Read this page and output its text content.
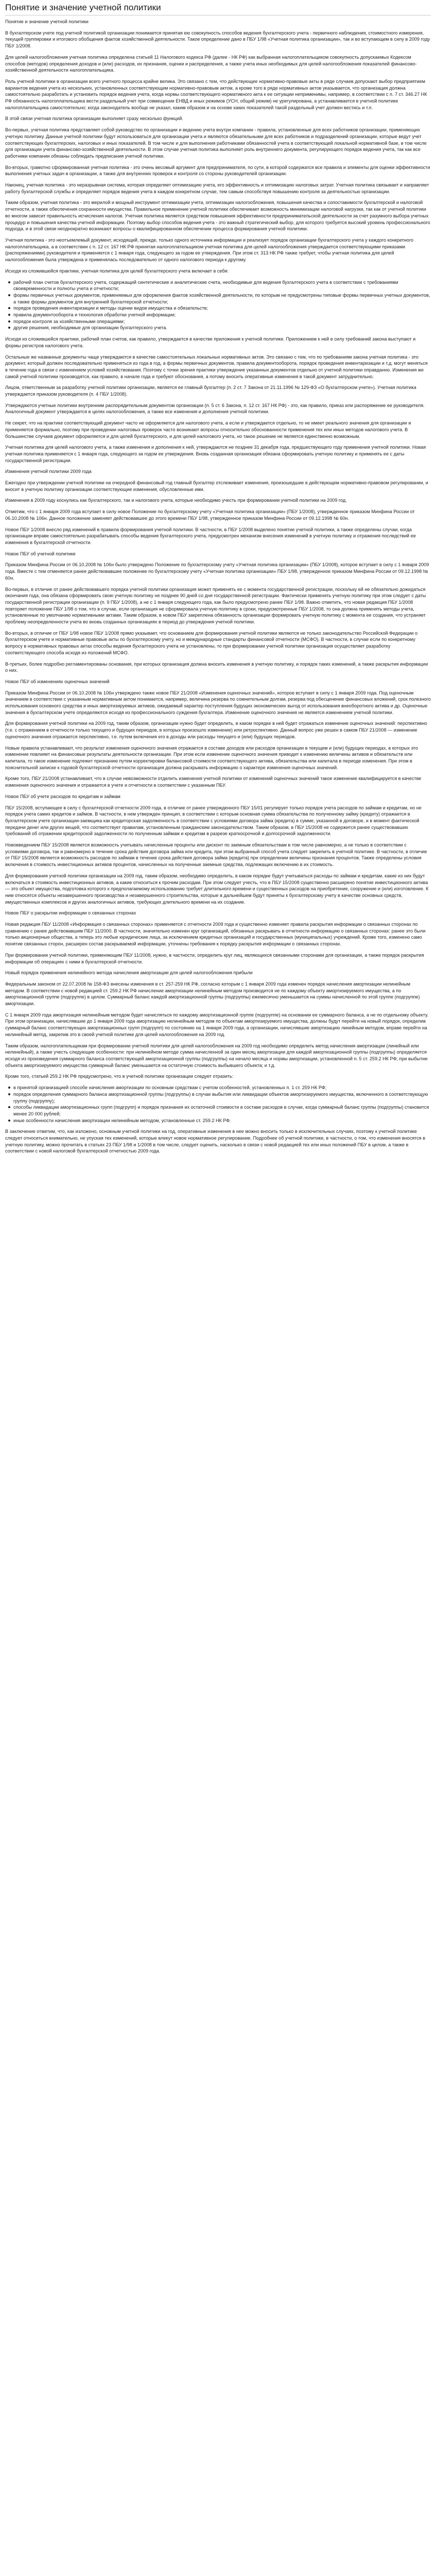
Понятие и значение учетной политики

Понятие и значение учетной политики

В бухгалтерском учете под учетной политикой организации понимается принятая ею совокупность способов ведения бухгалтерского учета - первичного наблюдения, стоимостного измерения, текущей группировки и итогового обобщения фактов хозяйственной деятельности. Такое определение дано в ПБУ 1/98 «Учетная политика организации», так и во вступающем в силу в 2009 году ПБУ 1/2008.

Для целей налогообложения учетная политика определена статьей 11 Налогового кодекса РФ (далее - НК РФ) как выбранная налогоплательщиком совокупность допускаемых Кодексом способов (методов) определения доходов и (или) расходов, их признания, оценки и распределения, а также учета иных необходимых для целей налогообложения показателей финансово-хозяйственной деятельности налогоплательщика.

Роль учетной политики в организации всего учетного процесса крайне велика. Это связано с тем, что действующее нормативно-правовые акты в ряде случаев допускают выбор предприятием вариантов ведения учета из нескольких, установленных соответствующим нормативно-правовым актом, а кроме того в ряде нормативных актов указывается, что организация должна самостоятельно разработать и установить порядок ведения учета, когда нормы соответствующего нормативного акта к ее ситуации неприменимы, например, в соответствии с п. 7 ст. 346.27 НК РФ обязанность налогоплательщика вести раздельный учет при совмещении ЕНВД и иных режимов (УСН, общий режим) не урегулирована, а устанавливается в учетной политике налогоплательщика самостоятельно; когда законодатель вообще не указал, каким образом и на основе каких показателей такой раздельный учет должен вестись и т.п.

В этой связи учетная политика организации выполняет сразу несколько функций.

Во-первых, учетная политика представляет собой руководство по организации и ведению учета внутри компании - правила, установленные для всех работников организации, применяющих учетную политику. Данные учетной политики будут использоваться для организации учета и являются обязательными для всех работников и подразделений организации, которые ведут учет соответствующих бухгалтерских, налоговых и иных показателей. В том числе и для выполнения работниками обязанностей учета в соответствующей локальной нормативной базе, в том числе для организации учета финансово-хозяйственной деятельности. В этом случае учетная политика выполняет роль внутреннего документа, регулирующего порядок ведения учета, так как все работники компании обязаны соблюдать предписания учетной политики.

Во-вторых, грамотно сформированная учетная политика - это очень весомый аргумент для предпринимателя, по сути, в которой содержатся все правила и элементы для оценки эффективности выполнения учетных задач в организации, а также для внутренних проверок и контроля со стороны руководителей организации.

Наконец, учетная политика - это неразрывная система, которая определяет оптимизацию учета, его эффективность и оптимизацию налоговых затрат. Учетная политика связывает и направляет работу бухгалтерской службы и определяет порядок ведения учета в каждом конкретном случае, тем самым способствуя повышению контроля за деятельностью организации.

Таким образом, учетная политика - это мерилой и мощный инструмент оптимизации учета, оптимизации налогообложения, повышения качества и сопоставимости бухгалтерской и налоговой отчетности, а также обеспечения сохранности имущества. Правильное применение учетной политики обеспечивает возможность минимизации налоговой нагрузки, так как от учетной политики во многом зависит правильность исчисления налогов. Учетная политика является средством повышения эффективности предпринимательской деятельности за счет разумного выбора учетных процедур и повышения качества учетной информации. Поэтому выбор способов ведения учета - это важный стратегический выбор, для которого требуется высокий уровень профессионального подхода, и в этой связи неоднократно возникают вопросы о квалифицированном обеспечении процесса формирования учетной политики.

Учетная политика - это неотъемлемый документ, исходящий, прежде, только одного источника информации и реализует порядок организации бухгалтерского учета у каждого конкретного налогоплательщика, а в соответствии с п. 12 ст. 167 НК РФ принятая налогоплательщиком учетная политика для целей налогообложения утверждается соответствующими приказами (распоряжениями) руководителя и применяется с 1 января года, следующего за годом ее утверждения. При этом ст. 313 НК РФ также требует, чтобы учетная политика для целей налогообложения была утверждена и применялась последовательно от одного налогового периода к другому.

Исходя из сложившейся практики, учетная политика для целей бухгалтерского учета включает в себя:

рабочий план счетов бухгалтерского учета, содержащий синтетические и аналитические счета, необходимые для ведения бухгалтерского учета в соответствии с требованиями своевременности и полноты учета и отчетности;
формы первичных учетных документов, применяемых для оформления фактов хозяйственной деятельности, по которым не предусмотрены типовые формы первичных учетных документов, а также формы документов для внутренней бухгалтерской отчетности;
порядок проведения инвентаризации и методы оценки видов имущества и обязательств;
правила документооборота и технология обработки учетной информации;
порядок контроля за хозяйственными операциями;
другие решения, необходимые для организации бухгалтерского учета.

Исходя из сложившейся практики, рабочий план счетов, как правило, утверждается в качестве приложения к учетной политике. Приложением к ней в силу требований закона выступают и формы регистров налогового учета.

Остальные же названные документы чаще утверждаются в качестве самостоятельных локальных нормативных актов. Это связано с тем, что по требованиям закона учетная политика - это документ, который должен последовательно применяться из года в год, а формы первичных документов, правила документооборота, порядок проведения инвентаризации и т.д. могут меняться в течение года в связи с изменением условий хозяйствования. Поэтому с точки зрения практики утверждение указанных документов отдельно от учетной политики оправданно. Изменения же самой учетной политики производятся, как правило, в начале года и требуют обоснования, а потому вносить оперативные изменения в такой документ затруднительно.

Лицом, ответственным за разработку учетной политики организации, является ее главный бухгалтер (п. 2 ст. 7 Закона от 21.11.1996 № 129-ФЗ «О бухгалтерском учете»). Учетная политика утверждается приказом руководителя (п. 4 ПБУ 1/2008).

Утверждаются учетные политики внутренним распорядительным документом организации (п. 5 ст. 6 Закона, п. 12 ст. 167 НК РФ) - это, как правило, приказ или распоряжение ее руководителя. Аналогичный документ утверждается в целях налогообложения, а также все изменения и дополнения учетной политики.

Не секрет, что на практике соответствующий документ часто не оформляется для налогового учета, а если и утверждается отдельно, то не имеет реального значения для организации и применяется формально, поэтому при проведении налоговых проверок часто возникают вопросы относительно обоснованности применения тех или иных методов налогового учета. В большинстве случаев документ оформляется и для целей бухгалтерского, и для целей налогового учета, но такое решение не является единственно возможным.

Учетная политика для целей налогового учета, а также изменения и дополнения к ней, утверждаются не позднее 31 декабря года, предшествующего году применения учетной политики. Новая учетная политика применяется с 1 января года, следующего за годом ее утверждения. Вновь созданная организация обязана сформировать учетную политику и применять ее с даты государственной регистрации.

Изменения учетной политики 2009 года

Ежегодно при утверждении учетной политики на очередной финансовый год главный бухгалтер отслеживает изменения, произошедшие в действующем нормативно-правовом регулировании, и вносит в учетную политику организации соответствующие изменения, обусловленные ими.

Изменения в 2009 году коснулись как бухгалтерского, так и налогового учета, которые необходимо учесть при формировании учетной политики на 2009 год.

Отметим, что с 1 января 2009 года вступает в силу новое Положение по бухгалтерскому учету «Учетная политика организации» (ПБУ 1/2008), утвержденное приказом Минфина России от 06.10.2008 № 106н. Данное положение заменяет действовавшее до этого времени ПБУ 1/98, утвержденное приказом Минфина России от 09.12.1998 № 60н.

Новое ПБУ 1/2008 внесло ряд изменений в правила формирования учетной политики. В частности, в ПБУ 1/2008 выделено понятие учетной политики, а также определены случаи, когда организации вправе самостоятельно разрабатывать способы ведения бухгалтерского учета, предусмотрен механизм внесения изменений в учетную политику и отражения последствий ее изменения в бухгалтерской отчетности.

Новое ПБУ об учетной политике

Приказом Минфина России от 06.10.2008 № 106н было утверждено Положение по бухгалтерскому учету «Учетная политика организации» (ПБУ 1/2008), которое вступает в силу с 1 января 2009 года. Вместе с тем отменяется ранее действовавшее положение по бухгалтерскому учету «Учетная политика организации» ПБУ 1/98, утвержденное приказом Минфина России от 09.12.1998 № 60н.

Во-первых, в отличие от ранее действовавшего порядка учетной политики организация может применять ее с момента государственной регистрации, поскольку ей не обязательно дожидаться окончания года, она обязана сформировать свою учетную политику не позднее 90 дней со дня государственной регистрации. Фактически применять учетную политику при этом следует с даты государственной регистрации организации (п. 9 ПБУ 1/2008), а не с 1 января следующего года, как было предусмотрено ранее ПБУ 1/98. Важно отметить, что новая редакция ПБУ 1/2008 повторяет положение ПБУ 1/98 о том, что в случае, если организация не сформировала учетную политику в сроки, предусмотренные ПБУ 1/2008, то она должна применять методы учета, установленные по умолчанию нормативными актами. Таким образом, в новом ПБУ закреплена обязанность организации формировать учетную политику с момента ее создания, что устраняет проблему неопределенности учета во вновь созданных организациях в период до утверждения учетной политики.

Во-вторых, в отличие от ПБУ 1/98 новое ПБУ 1/2008 прямо указывает, что основанием для формирования учетной политики являются не только законодательство Российской Федерации о бухгалтерском учете и нормативные правовые акты по бухгалтерскому учету, но и международные стандарты финансовой отчетности (МСФО). В частности, в случае если по конкретному вопросу в нормативных правовых актах способы ведения бухгалтерского учета не установлены, то при формировании учетной политики организация осуществляет разработку соответствующего способа исходя из положений МСФО.

В-третьих, более подробно регламентированы основания, при которых организация должна вносить изменения в учетную политику, и порядок таких изменений, а также раскрытия информации о них.

Новое ПБУ об изменениях оценочных значений

Приказом Минфина России от 06.10.2008 № 106н утверждено также новое ПБУ 21/2008 «Изменения оценочных значений», которое вступает в силу с 1 января 2009 года. Под оценочным значением в соответствии с указанным нормативным актом понимается, например, величина резерва по сомнительным долгам, резерва под обесценение финансовых вложений, срок полезного использования основного средства и иных амортизируемых активов, ожидаемый характер поступления будущих экономических выгод от использования внеоборотного актива и др. Оценочные значения в бухгалтерском учете определяются исходя из профессионального суждения бухгалтера. Изменение оценочного значения не является изменением учетной политики.

Для формирования учетной политики на 2009 год, таким образом, организации нужно будет определить, в каком порядке в ней будет отражаться изменение оценочных значений: перспективно (т.е. с отражением в отчетности только текущего и будущих периодов, в которых произошло изменение) или ретроспективно. Данный вопрос уже решен в самом ПБУ 21/2008 — изменение оценочного значения отражается перспективно, т.е. путем включения его в доходы или расходы текущего и (или) будущих периодов.

Новые правила устанавливают, что результат изменения оценочного значения отражается в составе доходов или расходов организации в текущем и (или) будущих периодах, в которых это изменение повлияет на финансовые результаты деятельности организации. При этом если изменение оценочного значения приводит к изменению величины активов и обязательств или капитала, то такое изменение подлежит признанию путем корректировки балансовой стоимости соответствующего актива, обязательства или капитала в периоде изменения. При этом в пояснительной записке к годовой бухгалтерской отчетности организация должна раскрывать информацию о характере изменения оценочных значений.

Кроме того, ПБУ 21/2008 устанавливает, что в случае невозможности отделить изменения учетной политики от изменений оценочных значений такое изменение квалифицируется в качестве изменения оценочного значения и отражается в учете и отчетности в соответствии с указанным ПБУ.

Новое ПБУ об учете расходов по кредитам и займам

ПБУ 15/2008, вступающее в силу с бухгалтерской отчетности 2009 года, в отличие от ранее утвержденного ПБУ 15/01 регулирует только порядок учета расходов по займам и кредитам, но не порядок учета самих кредитов и займов. В частности, в нем утвержден принцип, в соответствии с которым основная сумма обязательства по полученному займу (кредиту) отражается в бухгалтерском учете организации-заемщика как кредиторская задолженность в соответствии с условиями договора займа (кредита) в сумме, указанной в договоре, и в момент фактической передачи денег или других вещей, что соответствует правилам, установленным гражданским законодательством. Таким образом, в ПБУ 15/2008 не содержится ранее существовавших требований об отражении кредиторской задолженности по полученным займам и кредитам в разрезе краткосрочной и долгосрочной задолженности.

Нововведением ПБУ 15/2008 является возможность учитывать начисленные проценты или дисконт по заемным обязательствам в том числе равномерно, а не только в соответствии с условиями договора, так и равномерно в течение срока действия договора займа или кредита, при этом выбранный способ учета следует закрепить в учетной политике. В частности, в отличие от ПБУ 15/2008 является возможность расходов по займам в течение срока действия договора займа (кредита) при определении величины признания процентов. Также определены условия включения в стоимость инвестиционных активов процентов, начисленных на полученные заемные средства, подлежащих включению в их стоимость.

Для формирования учетной политики организации на 2009 год, таким образом, необходимо определить, в каком порядке будут учитываться расходы по займам и кредитам, какие из них будут включаться в стоимость инвестиционных активов, а какие относиться к прочим расходам. При этом следует учесть, что в ПБУ 15/2008 существенно расширено понятие инвестиционного актива — это объект имущества, подготовка которого к предполагаемому использованию требует длительного времени и существенных расходов на приобретение, сооружение и (или) изготовление. К ним относятся объекты незавершенного производства и незавершенного строительства, которые в дальнейшем будут приняты к бухгалтерскому учету в качестве основных средств, имущественных комплексов и других аналогичных активов, требующих длительного времени на их создание.

Новое ПБУ о раскрытии информации о связанных сторонах

Новая редакция ПБУ 11/2008 «Информация о связанных сторонах» применяется с отчетности 2009 года и существенно изменяет правила раскрытия информации о связанных сторонах по сравнению с ранее действовавшим ПБУ 11/2000. В частности, значительно изменен круг организаций, обязанных раскрывать в отчетности информацию о связанных сторонах: ранее это были только акционерные общества, а теперь это любые юридические лица, за исключением кредитных организаций и государственных (муниципальных) учреждений. Кроме того, изменено само понятие связанных сторон, расширен состав раскрываемой информации, уточнены требования к порядку раскрытия информации о связанных сторонах.

При формировании учетной политики, применяющим ПБУ 11/2008, нужно, в частности, определить круг лиц, являющихся связанными сторонами для организации, а также порядок раскрытия информации об операциях с ними в бухгалтерской отчетности.

Новый порядок применения нелинейного метода начисления амортизации для целей налогообложения прибыли

Федеральным законом от 22.07.2008 № 158-ФЗ внесены изменения в ст. 257-259 НК РФ, согласно которым с 1 января 2009 года изменен порядок начисления амортизации нелинейным методом. В соответствии с новой редакцией ст. 259.2 НК РФ начисление амортизации нелинейным методом производится не по каждому объекту амортизируемого имущества, а по амортизационной группе (подгруппе) в целом. Суммарный баланс каждой амортизационной группы (подгруппы) ежемесячно уменьшается на суммы начисленной по этой группе (подгруппе) амортизации.

С 1 января 2009 года амортизация нелинейным методом будет начисляться по каждому амортизационной группе (подгруппе) на основании ее суммарного баланса, а не по отдельному объекту. При этом организации, начислявшие до 1 января 2009 года амортизацию нелинейным методом по объектам амортизируемого имущества, должны будут перейти на новый порядок, определив суммарный баланс соответствующих амортизационных групп (подгрупп) по состоянию на 1 января 2009 года, а организации, начислявшие амортизацию линейным методом, вправе перейти на нелинейный метод, закрепив это в своей учетной политике для целей налогообложения на 2009 год.

Таким образом, налогоплательщикам при формировании учетной политики для целей налогообложения на 2009 год необходимо определить метод начисления амортизации (линейный или нелинейный), а также учесть следующие особенности: при нелинейном методе сумма начисленной за один месяц амортизации для каждой амортизационной группы (подгруппы) определяется исходя из произведения суммарного баланса соответствующей амортизационной группы (подгруппы) на начало месяца и нормы амортизации, установленной п. 5 ст. 259.2 НК РФ; при выбытии объекта амортизируемого имущества суммарный баланс уменьшается на остаточную стоимость выбывшего объекта; и т.д.

Кроме того, статьей 259.2 НК РФ предусмотрено, что в учетной политике организации следует отразить:

в принятой организацией способе начисления амортизации по основным средствам с учетом особенностей, установленных п. 1 ст. 259 НК РФ;
порядок определения суммарного баланса амортизационной группы (подгруппы) в случае выбытия или ликвидации объектов амортизируемого имущества, включенного в соответствующую группу (подгруппу);
способы ликвидации амортизационных групп (подгрупп) и порядок признания их остаточной стоимости в составе расходов в случае, когда суммарный баланс группы (подгруппы) становится менее 20 000 рублей;
иные особенности начисления амортизации нелинейным методом, установленные ст. 259.2 НК РФ.

В заключение отметим, что, как изложено, основным учетной политики на год, оперативные изменения в нее можно вносить только в исключительных случаях, поэтому к учетной политике следует относиться внимательно, не упуская тех изменений, которые влекут новое нормативное регулирование. Подробнее об учетной политике, в частности, о том, что изменения вносятся в учетную политику, можно прочитать в статьях 23 ПБУ 1/98 и 1/2008 в том числе, следует оценить, насколько в связи с новой редакцией тех или иных положений ПБУ в целом, а также в соответствии с новой налоговой бухгалтерской отчетностью 2009 года.
